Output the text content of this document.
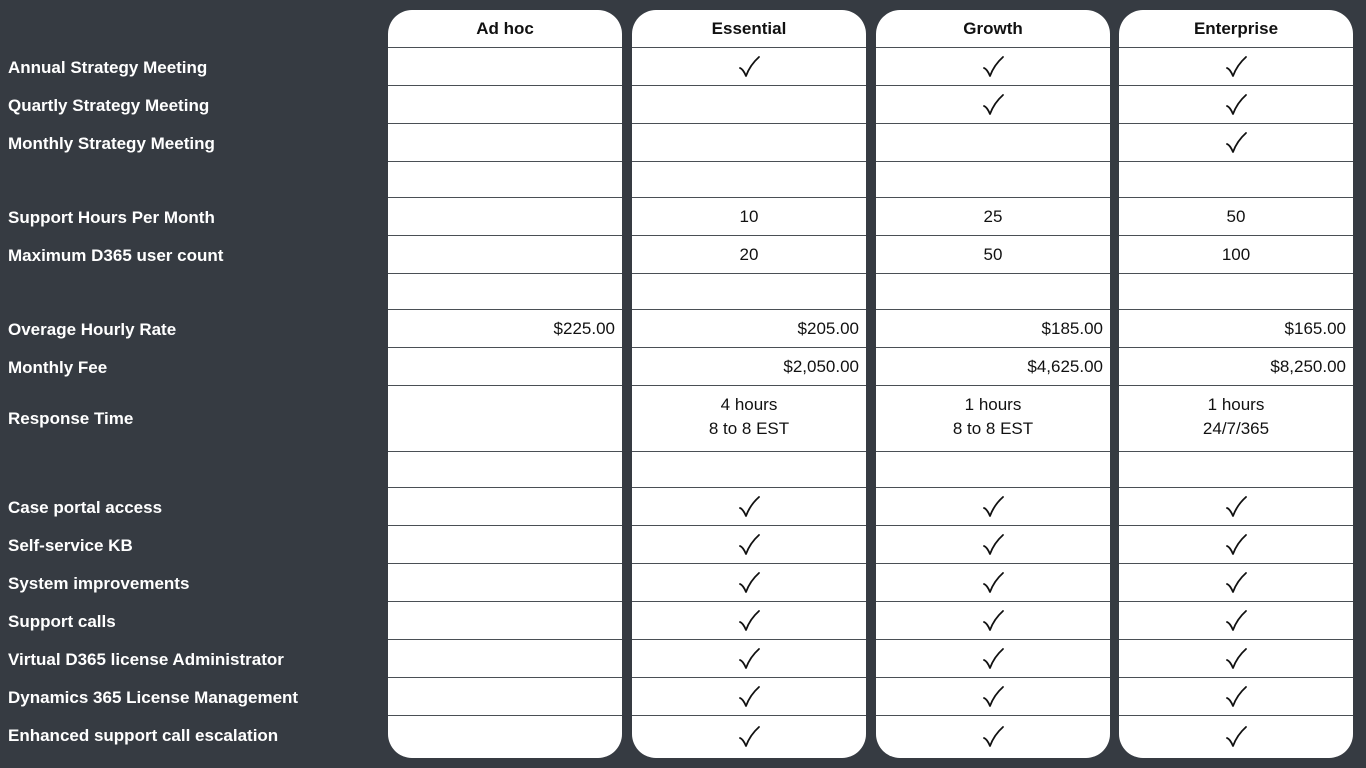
Annual Strategy Meeting
Quartly Strategy Meeting
Monthly Strategy Meeting
Support Hours Per Month
Maximum D365 user count
Overage Hourly Rate
Monthly Fee
Response Time
Case portal access
Self-service KB
System improvements
Support calls
Virtual D365 license Administrator
Dynamics 365 License Management
Enhanced support call escalation
Ad hoc
$225.00
Essential
10
20
$205.00
$2,050.00
4 hours
8 to 8 EST
Growth
25
50
$185.00
$4,625.00
1 hours
8 to 8 EST
Enterprise
50
100
$165.00
$8,250.00
1 hours
24/7/365
